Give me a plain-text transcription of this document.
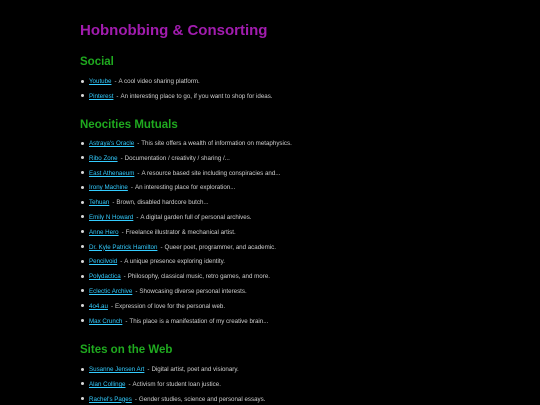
Hobnobbing & Consorting
Social
Youtube - A cool video sharing platform.
Pinterest - An interesting place to go, if you want to shop for ideas.
Neocities Mutuals
Astraya's Oracle - This site offers a wealth of information on metaphysics.
Ribo Zone - Documentation / creativity / sharing /...
East Athenaeum - A resource based site including conspiracies and...
Irony Machine - An interesting place for exploration...
Tehuan - Brown, disabled hardcore butch...
Emily N Howard - A digital garden full of personal archives.
Anne Hero - Freelance illustrator & mechanical artist.
Dr. Kyle Patrick Hamilton - Queer poet, programmer, and academic.
Pencilvoid - A unique presence exploring identity.
Polydactica - Philosophy, classical music, retro games, and more.
Eclectic Archive - Showcasing diverse personal interests.
4o4.au - Expression of love for the personal web.
Max Crunch - This place is a manifestation of my creative brain...
Sites on the Web
Susanne Jensen Art - Digital artist, poet and visionary.
Alan Collinge - Activism for student loan justice.
Rachel's Pages - Gender studies, science and personal essays.
